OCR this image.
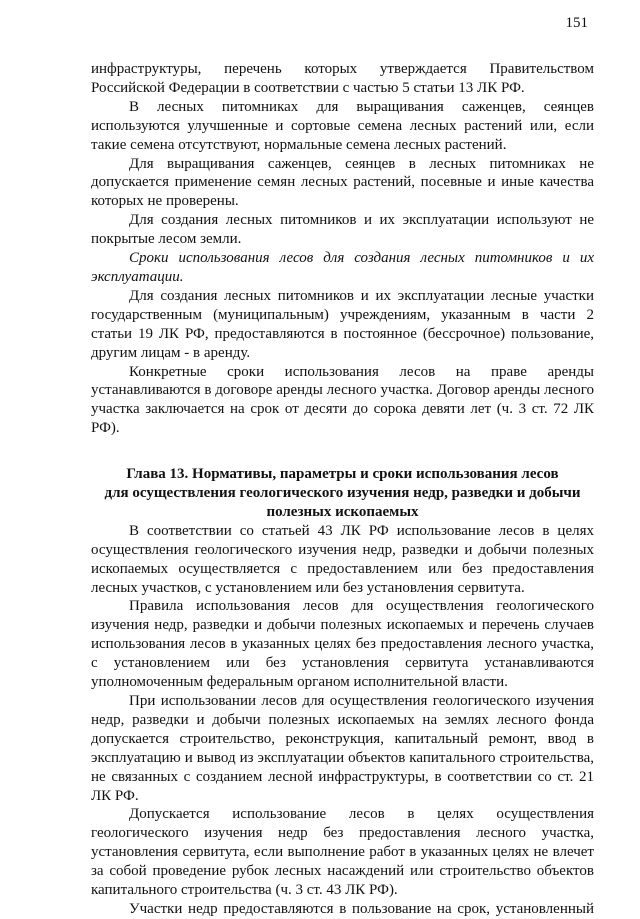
151

инфраструктуры, перечень которых утверждается Правительством Российской Федерации в соответствии с частью 5 статьи 13 ЛК РФ.

В лесных питомниках для выращивания саженцев, сеянцев используются улучшенные и сортовые семена лесных растений или, если такие семена отсутствуют, нормальные семена лесных растений.

Для выращивания саженцев, сеянцев в лесных питомниках не допускается применение семян лесных растений, посевные и иные качества которых не проверены.

Для создания лесных питомников и их эксплуатации используют не покрытые лесом земли.

Сроки использования лесов для создания лесных питомников и их эксплуатации.

Для создания лесных питомников и их эксплуатации лесные участки государственным (муниципальным) учреждениям, указанным в части 2 статьи 19 ЛК РФ, предоставляются в постоянное (бессрочное) пользование, другим лицам - в аренду.

Конкретные сроки использования лесов на праве аренды устанавливаются в договоре аренды лесного участка. Договор аренды лесного участка заключается на срок от десяти до сорока девяти лет (ч. 3 ст. 72 ЛК РФ).

Глава 13. Нормативы, параметры и сроки использования лесов
для осуществления геологического изучения недр, разведки и добычи
полезных ископаемых

В соответствии со статьей 43 ЛК РФ использование лесов в целях осуществления геологического изучения недр, разведки и добычи полезных ископаемых осуществляется с предоставлением или без предоставления лесных участков, с установлением или без установления сервитута.

Правила использования лесов для осуществления геологического изучения недр, разведки и добычи полезных ископаемых и перечень случаев использования лесов в указанных целях без предоставления лесного участка, с установлением или без установления сервитута устанавливаются уполномоченным федеральным органом исполнительной власти.

При использовании лесов для осуществления геологического изучения недр, разведки и добычи полезных ископаемых на землях лесного фонда допускается строительство, реконструкция, капитальный ремонт, ввод в эксплуатацию и вывод из эксплуатации объектов капитального строительства, не связанных с созданием лесной инфраструктуры, в соответствии со ст. 21 ЛК РФ.

Допускается использование лесов в целях осуществления геологического изучения недр без предоставления лесного участка, установления сервитута, если выполнение работ в указанных целях не влечет за собой проведение рубок лесных насаждений или строительство объектов капитального строительства (ч. 3 ст. 43 ЛК РФ).

Участки недр предоставляются в пользование на срок, установленный
